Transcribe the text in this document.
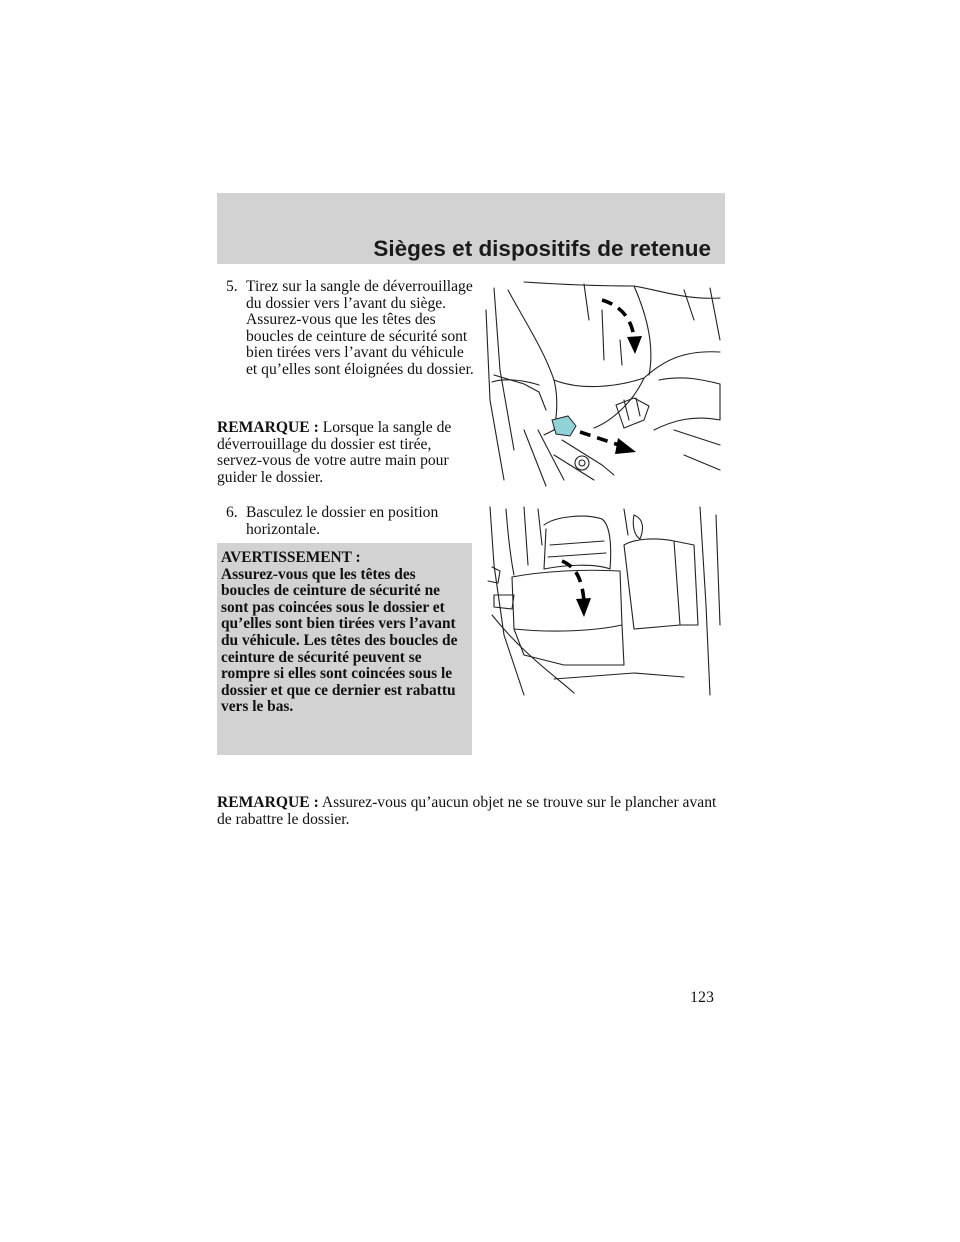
Sièges et dispositifs de retenue
5. Tirez sur la sangle de déverrouillage du dossier vers l’avant du siège. Assurez-vous que les têtes des boucles de ceinture de sécurité sont bien tirées vers l’avant du véhicule et qu’elles sont éloignées du dossier.
REMARQUE : Lorsque la sangle de déverrouillage du dossier est tirée, servez-vous de votre autre main pour guider le dossier.
6. Basculez le dossier en position horizontale.
AVERTISSEMENT :
Assurez-vous que les têtes des boucles de ceinture de sécurité ne sont pas coincées sous le dossier et qu’elles sont bien tirées vers l’avant du véhicule. Les têtes des boucles de ceinture de sécurité peuvent se rompre si elles sont coincées sous le dossier et que ce dernier est rabattu vers le bas.
REMARQUE : Assurez-vous qu’aucun objet ne se trouve sur le plancher avant de rabattre le dossier.
123
